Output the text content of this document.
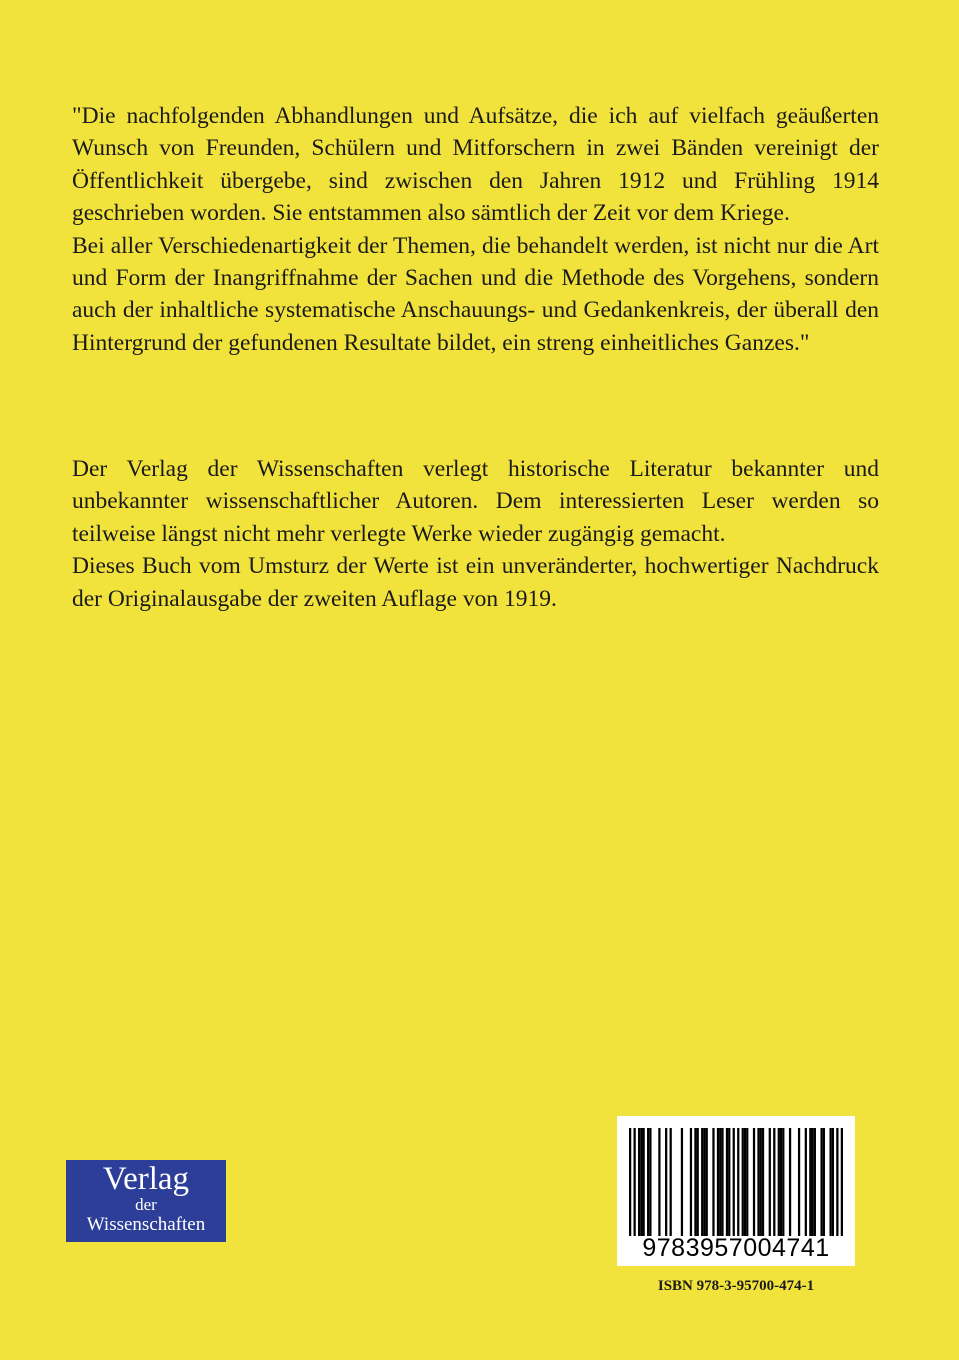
"Die nachfolgenden Abhandlungen und Aufsätze, die ich auf vielfach geäußerten Wunsch von Freunden, Schülern und Mitforschern in zwei Bänden vereinigt der Öffentlichkeit übergebe, sind zwischen den Jahren 1912 und Frühling 1914 geschrieben worden. Sie entstammen also sämtlich der Zeit vor dem Kriege.

Bei aller Verschiedenartigkeit der Themen, die behandelt werden, ist nicht nur die Art und Form der Inangriffnahme der Sachen und die Methode des Vorgehens, sondern auch der inhaltliche systematische Anschauungs- und Gedankenkreis, der überall den Hintergrund der gefundenen Resultate bildet, ein streng einheitliches Ganzes."

Der Verlag der Wissenschaften verlegt historische Literatur bekannter und unbekannter wissenschaftlicher Autoren. Dem interessierten Leser werden so teilweise längst nicht mehr verlegte Werke wieder zugängig gemacht.

Dieses Buch vom Umsturz der Werte ist ein unveränderter, hochwertiger Nachdruck der Originalausgabe der zweiten Auflage von 1919.

Verlag
der
Wissenschaften
9783957004741
ISBN 978-3-95700-474-1
